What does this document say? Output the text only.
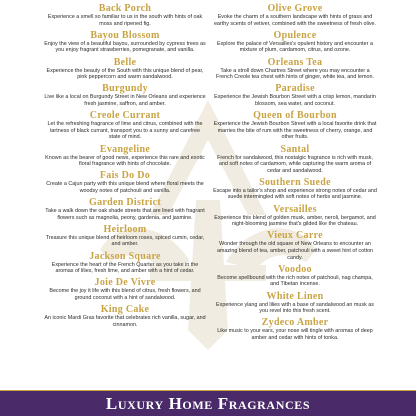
Back Porch
Experience a smell so familiar to us in the south with hints of oak moss and ripened fig.
Bayou Blossom
Enjoy the view of a beautiful bayou, surrounded by cypress trees as you enjoy fragrant strawberries, pomegranate, and vanilla.
Belle
Experience the beauty of the South with this unique blend of pear, pink peppercorn and warm sandalwood.
Burgundy
Live like a local on Burgundy Street in New Orleans and experience fresh jasmine, saffron, and amber.
Creole Currant
Let the refreshing fragrance of lime and citrus, combined with the tartness of black currant, transport you to a sunny and carefree state of mind.
Evangeline
Known as the bearer of good news, experience this rare and exotic floral fragrance with hints of chocolate.
Fais Do Do
Create a Cajun party with this unique blend where floral meets the woodsy notes of patchouli and vanilla.
Garden District
Take a walk down the oak shade streets that are lined with fragrant flowers such as magnolia, peony, gardenia, and jasmine.
Heirloom
Treasure this unique blend of heirloom roses, spiced cumin, cedar, and amber.
Jackson Square
Experience the heart of the French Quarter as you take in the aromas of lilies, fresh lime, and amber with a hint of cedar.
Joie De Vivre
Become the joy it life with this blend of citrus, fresh flowers, and ground coconut with a hint of sandalwood.
King Cake
An iconic Mardi Gras favorite that celebrates rich vanilla, sugar, and cinnamon.
Olive Grove
Evoke the charm of a southern landscape with hints of grass and earthy scents of vetiver, combined with the sweetness of fresh olive.
Opulence
Explore the palace of Versailles's opulent history and encounter a mixture of plum, cardamom, citrus, and ozone.
Orleans Tea
Take a stroll down Chartres Street where you may encounter a French Creole tea chest with hints of ginger, white tea, and lemon.
Paradise
Experience the Jewish Bourbon Street with a crisp lemon, mandarin blossom, sea water, and coconut.
Queen of Bourbon
Experience the Jewish Bourbon Street with a local favorite drink that marries the bite of rum with the sweetness of cherry, orange, and other fruits.
Santal
French for sandalwood, this nostalgic fragrance is rich with musk, and soft notes of cardamom, while capturing the warm aroma of cedar and sandalwood.
Southern Suede
Escape into a tailor's shop and experience strong notes of cedar and suede intermingled with soft notes of herbs and jasmine.
Versailles
Experience this blend of golden musk, amber, neroli, bergamot, and night-blooming jasmine that's gilded like the chateau.
Vieux Carre
Wonder through the old square of New Orleans to encounter an amazing blend of tea, amber, patchouli with a sweet hint of cotton candy.
Voodoo
Become spellbound with the rich notes of patchouli, nag champa, and Tibetan incense.
White Linen
Experience ylang and lilies with a base of sandalwood an musk as you revel into this fresh scent.
Zydeco Amber
Like music to your ears, your nose will tingle with aromas of deep amber and cedar with hints of tonka.
Luxury Home Fragrances
